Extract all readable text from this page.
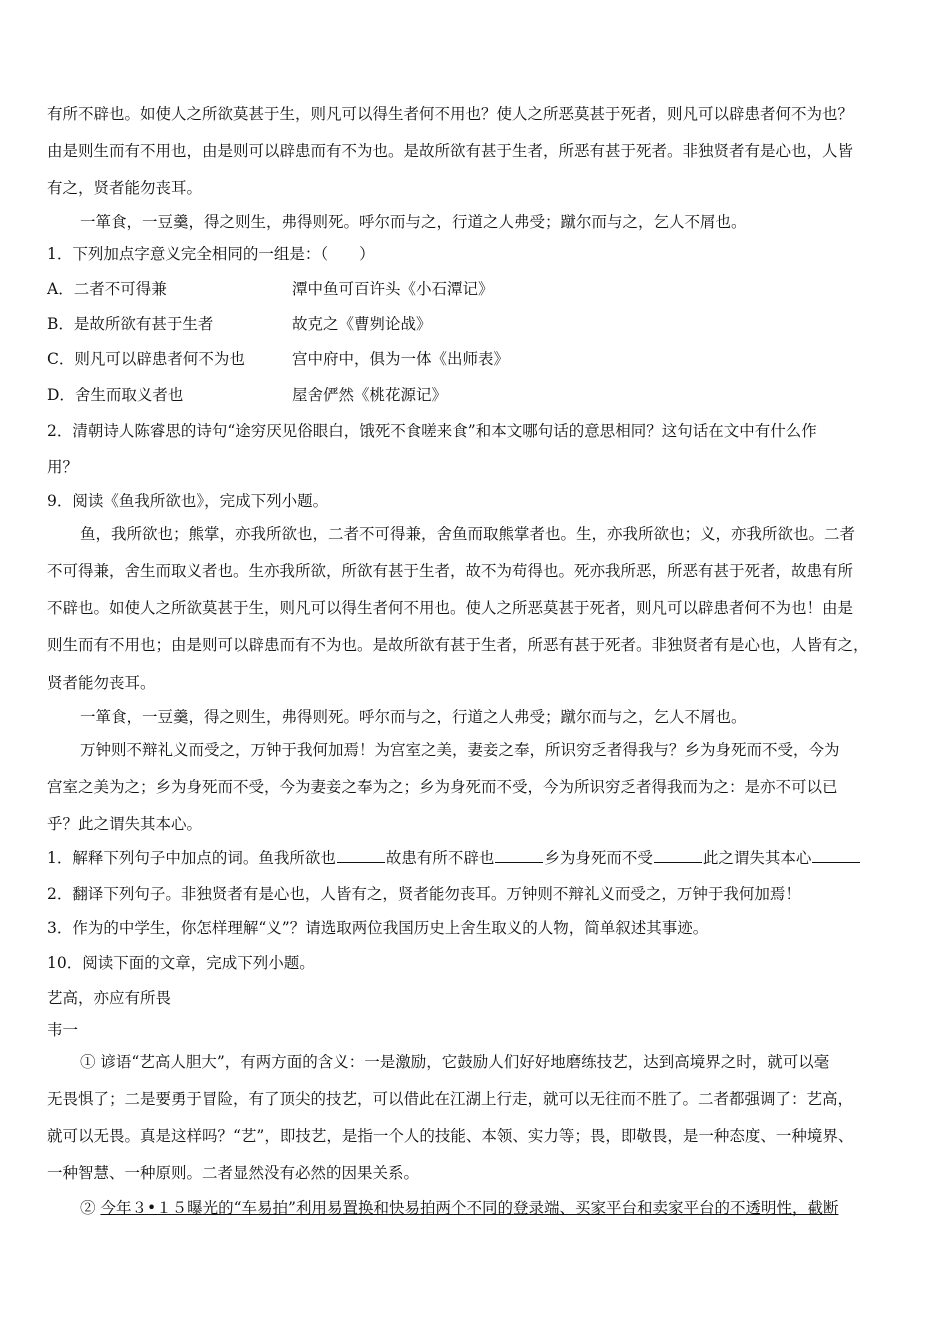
有所不辟也。如使人之所欲莫甚于生，则凡可以得生者何不用也？使人之所恶莫甚于死者，则凡可以辟患者何不为也？
由是则生而有不用也，由是则可以辟患而有不为也。是故所欲有甚于生者，所恶有甚于死者。非独贤者有是心也，人皆
有之，贤者能勿丧耳。
一箪食，一豆羹，得之则生，弗得则死。呼尔而与之，行道之人弗受；蹴尔而与之，乞人不屑也。
1．下列加点字意义完全相同的一组是：（　　）
A．二者不可得兼	潭中鱼可百许头《小石潭记》
B．是故所欲有甚于生者	故克之《曹刿论战》
C．则凡可以辟患者何不为也	宫中府中，俱为一体《出师表》
D．舍生而取义者也	屋舍俨然《桃花源记》
2．清朝诗人陈睿思的诗句“途穷厌见俗眼白，饿死不食嗟来食”和本文哪句话的意思相同？这句话在文中有什么作
用？
9．阅读《鱼我所欲也》，完成下列小题。
鱼，我所欲也；熊掌，亦我所欲也，二者不可得兼，舍鱼而取熊掌者也。生，亦我所欲也；义，亦我所欲也。二者
不可得兼，舍生而取义者也。生亦我所欲，所欲有甚于生者，故不为苟得也。死亦我所恶，所恶有甚于死者，故患有所
不辟也。如使人之所欲莫甚于生，则凡可以得生者何不用也。使人之所恶莫甚于死者，则凡可以辟患者何不为也！由是
则生而有不用也；由是则可以辟患而有不为也。是故所欲有甚于生者，所恶有甚于死者。非独贤者有是心也，人皆有之，
贤者能勿丧耳。
一箪食，一豆羹，得之则生，弗得则死。呼尔而与之，行道之人弗受；蹴尔而与之，乞人不屑也。
万钟则不辩礼义而受之，万钟于我何加焉！为宫室之美，妻妾之奉，所识穷乏者得我与？乡为身死而不受，今为
宫室之美为之；乡为身死而不受，今为妻妾之奉为之；乡为身死而不受，今为所识穷乏者得我而为之：是亦不可以已
乎？此之谓失其本心。
1．解释下列句子中加点的词。鱼我所欲也	故患有所不辟也	乡为身死而不受	此之谓失其本心
2．翻译下列句子。非独贤者有是心也，人皆有之，贤者能勿丧耳。万钟则不辩礼义而受之，万钟于我何加焉！
3．作为的中学生，你怎样理解“义”？请选取两位我国历史上舍生取义的人物，简单叙述其事迹。
10．阅读下面的文章，完成下列小题。
艺高，亦应有所畏
韦一
① 谚语“艺高人胆大”，有两方面的含义：一是激励，它鼓励人们好好地磨练技艺，达到高境界之时，就可以毫
无畏惧了；二是要勇于冒险，有了顶尖的技艺，可以借此在江湖上行走，就可以无往而不胜了。二者都强调了：艺高，
就可以无畏。真是这样吗？“艺”，即技艺，是指一个人的技能、本领、实力等；畏，即敬畏，是一种态度、一种境界、
一种智慧、一种原则。二者显然没有必然的因果关系。
② 今年３•１５曝光的“车易拍”利用易置换和快易拍两个不同的登录端、买家平台和卖家平台的不透明性，截断
